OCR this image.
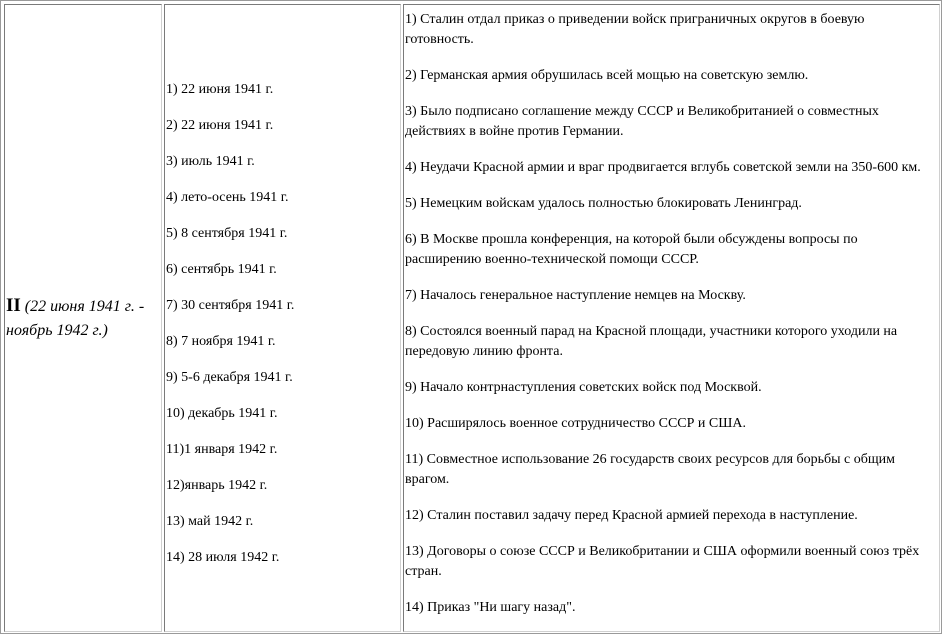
II (22 июня 1941 г. - ноябрь 1942 г.)
1) 22 июня 1941 г.
2) 22 июня 1941 г.
3) июль 1941 г.
4) лето-осень 1941 г.
5) 8 сентября 1941 г.
6) сентябрь 1941 г.
7) 30 сентября 1941 г.
8) 7 ноября 1941 г.
9) 5-6 декабря 1941 г.
10) декабрь 1941 г.
11)1 января 1942 г.
12)январь 1942 г.
13) май 1942 г.
14) 28 июля 1942 г.
1) Сталин отдал приказ о приведении войск приграничных округов в боевую готовность.
2) Германская армия обрушилась всей мощью на советскую землю.
3) Было подписано соглашение между СССР и Великобританией о совместных действиях в войне против Германии.
4) Неудачи Красной армии и враг продвигается вглубь советской земли на 350-600 км.
5) Немецким войскам удалось полностью блокировать Ленинград.
6) В Москве прошла конференция, на которой были обсуждены вопросы по расширению военно-технической помощи СССР.
7) Началось генеральное наступление немцев на Москву.
8) Состоялся военный парад на Красной площади, участники которого уходили на передовую линию фронта.
9) Начало контрнаступления советских войск под Москвой.
10) Расширялось военное сотрудничество СССР и США.
11) Совместное использование 26 государств своих ресурсов для борьбы с общим врагом.
12) Сталин поставил задачу перед Красной армией перехода в наступление.
13) Договоры о союзе СССР и Великобритании и США оформили военный союз трёх стран.
14) Приказ "Ни шагу назад".
